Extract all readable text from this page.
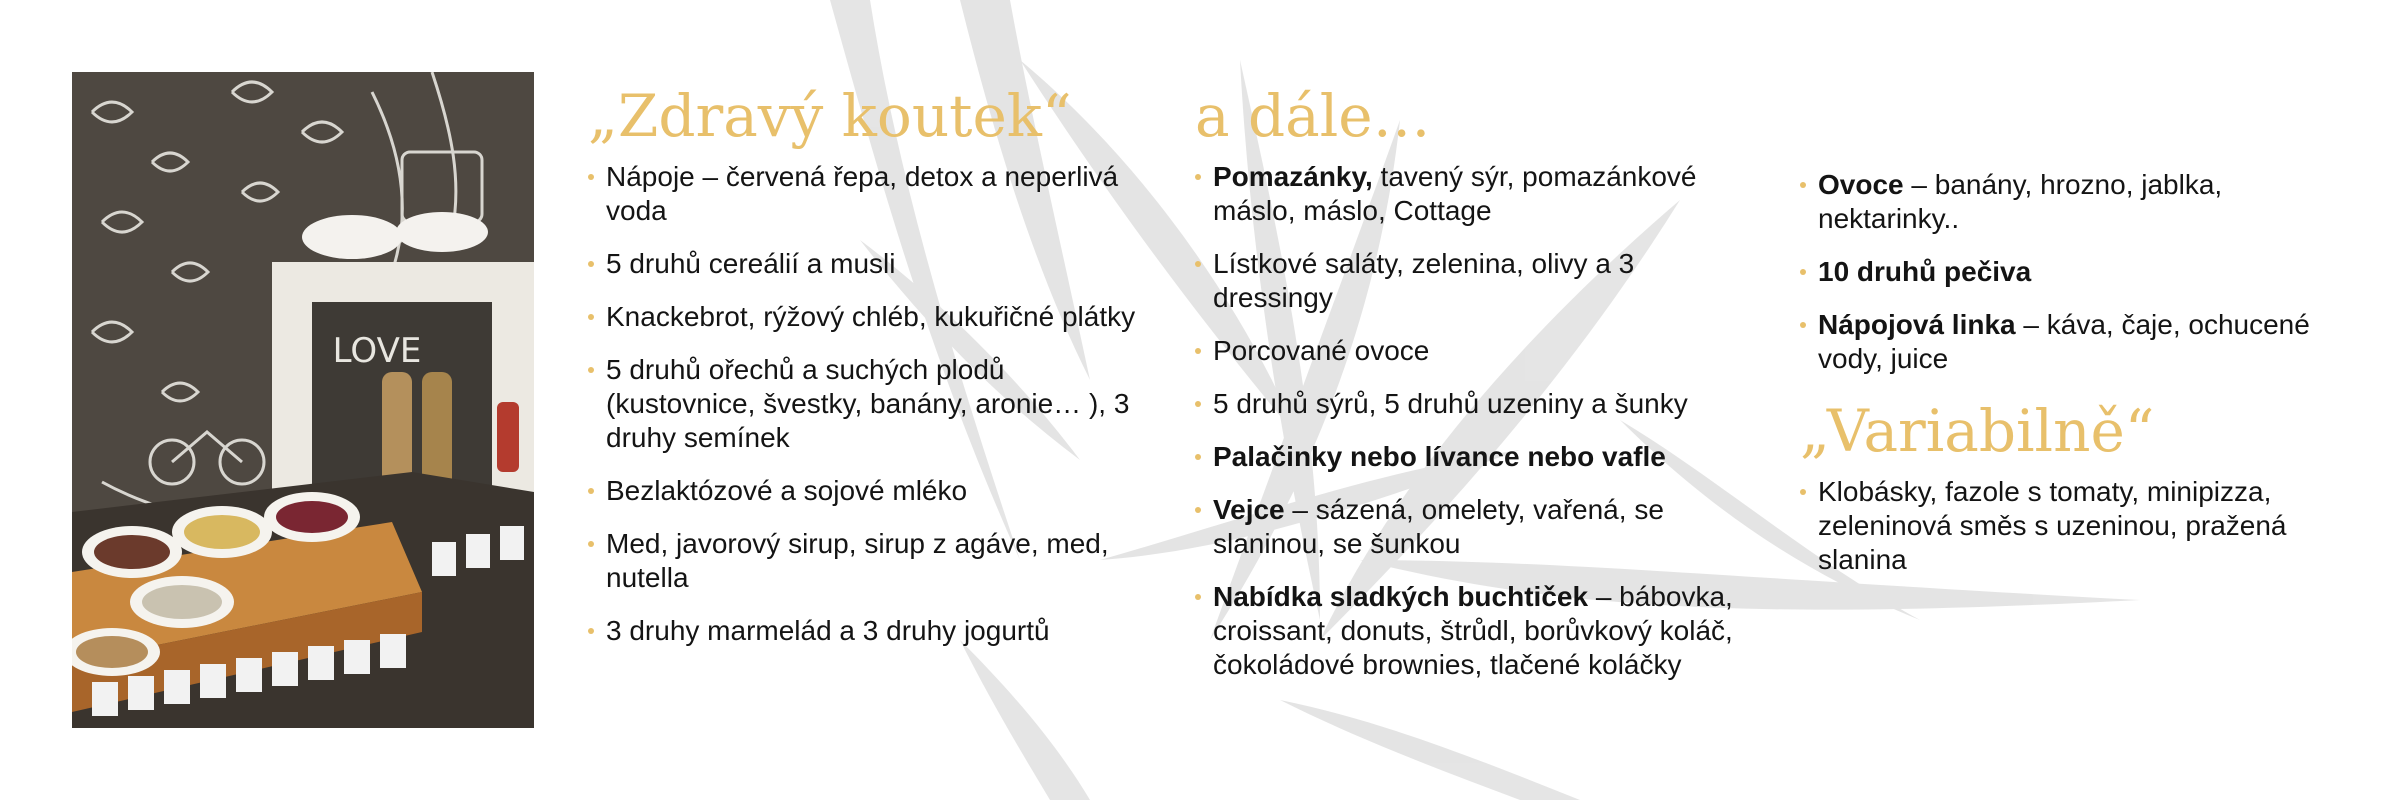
LOVE
„Zdravý koutek“
Nápoje – červená řepa, detox a neperlivá voda
5 druhů cereálií a musli
Knackebrot, rýžový chléb, kukuřičné plátky
5 druhů ořechů a suchých plodů (kustovnice, švestky, banány, aronie… ), 3 druhy semínek
Bezlaktózové a sojové mléko
Med, javorový sirup, sirup z agáve, med, nutella
3 druhy marmelád a 3 druhy jogurtů
a dále…
Pomazánky, tavený sýr, pomazánkové máslo, máslo, Cottage
Lístkové saláty, zelenina, olivy a 3 dressingy
Porcované ovoce
5 druhů sýrů, 5 druhů uzeniny a šunky
Palačinky nebo lívance nebo vafle
Vejce – sázená, omelety, vařená, se slaninou, se šunkou
Nabídka sladkých buchtiček – bábovka, croissant, donuts, štrůdl, borůvkový koláč, čokoládové brownies, tlačené koláčky
Ovoce – banány, hrozno, jablka, nektarinky..
10 druhů pečiva
Nápojová linka – káva, čaje, ochucené vody, juice
„Variabilně“
Klobásky, fazole s tomaty, minipizza, zeleninová směs s uzeninou, pražená slanina
